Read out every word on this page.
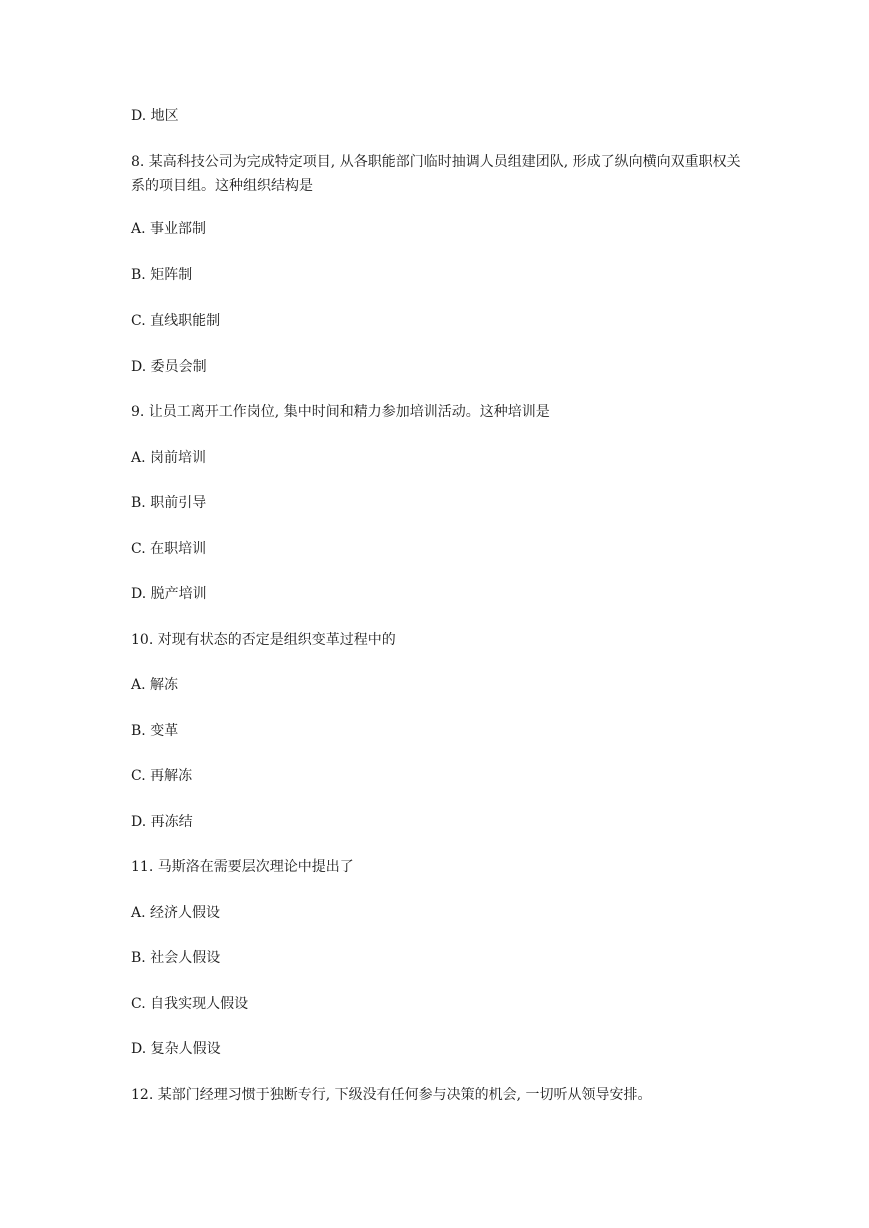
D. 地区
8. 某高科技公司为完成特定项目, 从各职能部门临时抽调人员组建团队, 形成了纵向横向双重职权关系的项目组。这种组织结构是
A. 事业部制
B. 矩阵制
C. 直线职能制
D. 委员会制
9. 让员工离开工作岗位, 集中时间和精力参加培训活动。这种培训是
A. 岗前培训
B. 职前引导
C. 在职培训
D. 脱产培训
10. 对现有状态的否定是组织变革过程中的
A. 解冻
B. 变革
C. 再解冻
D. 再冻结
11. 马斯洛在需要层次理论中提出了
A. 经济人假设
B. 社会人假设
C. 自我实现人假设
D. 复杂人假设
12. 某部门经理习惯于独断专行, 下级没有任何参与决策的机会, 一切听从领导安排。
